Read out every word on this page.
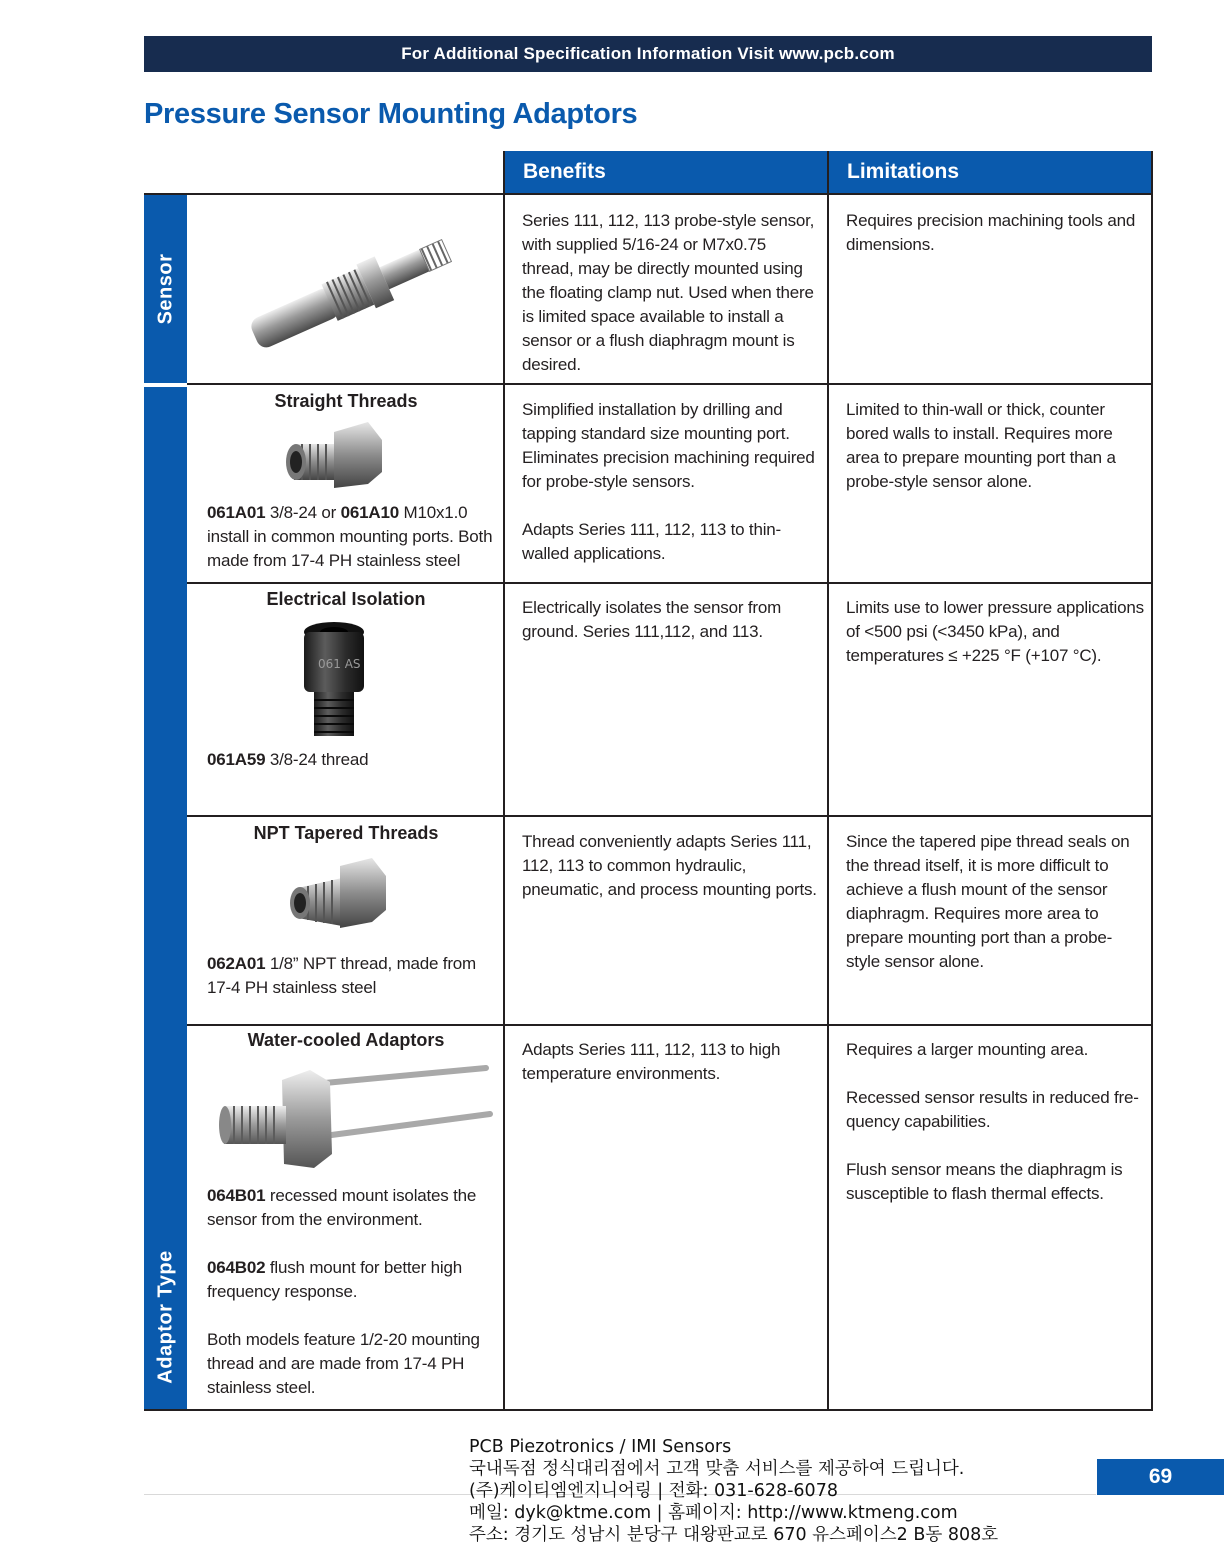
For Additional Specification Information Visit www.pcb.com
Pressure Sensor Mounting Adaptors
Benefits	Limitations
Sensor
Adaptor Type

Series 111, 112, 113 probe-style sensor, with supplied 5/16-24 or M7x0.75 thread, may be directly mounted using the floating clamp nut. Used when there is limited space available to install a sensor or a flush diaphragm mount is desired.

Requires precision machining tools and dimensions.

Straight Threads

061A01 3/8-24 or 061A10 M10x1.0 install in common mounting ports. Both made from 17-4 PH stainless steel

Simplified installation by drilling and tapping standard size mounting port. Eliminates precision machining required for probe-style sensors.

Adapts Series 111, 112, 113 to thin-walled applications.

Limited to thin-wall or thick, counter bored walls to install. Requires more area to prepare mounting port than a probe-style sensor alone.

Electrical Isolation
061 AS

061A59 3/8-24 thread

Electrically isolates the sensor from ground. Series 111,112, and 113.

Limits use to lower pressure applications of <500 psi (<3450 kPa), and temperatures ≤ +225 °F (+107 °C).

NPT Tapered Threads

062A01 1/8” NPT thread, made from 17-4 PH stainless steel

Thread conveniently adapts Series 111, 112, 113 to common hydraulic, pneumatic, and process mounting ports.

Since the tapered pipe thread seals on the thread itself, it is more difficult to achieve a flush mount of the sensor diaphragm. Requires more area to prepare mounting port than a probe-style sensor alone.

Water-cooled Adaptors

064B01 recessed mount isolates the sensor from the environment.

064B02 flush mount for better high frequency response.

Both models feature 1/2-20 mounting thread and are made from 17-4 PH stainless steel.

Adapts Series 111, 112, 113 to high temperature environments.

Requires a larger mounting area.

Recessed sensor results in reduced fre-quency capabilities.

Flush sensor means the diaphragm is susceptible to flash thermal effects.

69
PCB Piezotronics / IMI Sensors
국내독점 정식대리점에서 고객 맞춤 서비스를 제공하여 드립니다.
(주)케이티엠엔지니어링 | 전화: 031-628-6078
메일: dyk@ktme.com | 홈페이지: http://www.ktmeng.com
주소: 경기도 성남시 분당구 대왕판교로 670 유스페이스2 B동 808호
